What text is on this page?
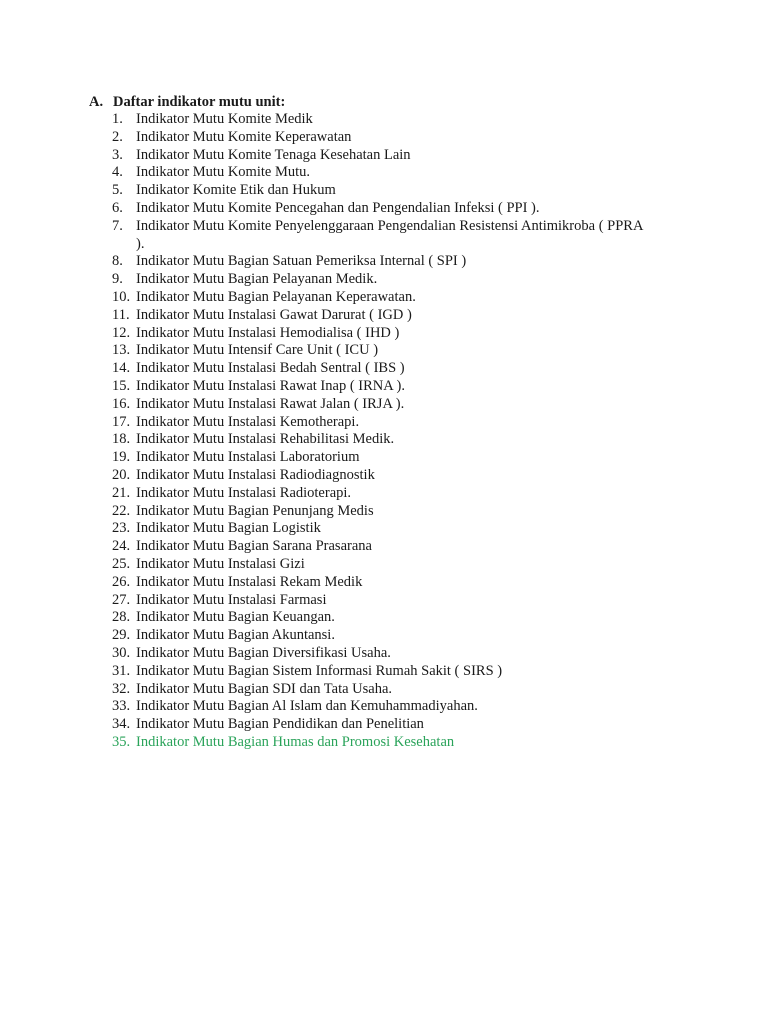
A. Daftar indikator mutu unit:
1. Indikator Mutu Komite Medik
2. Indikator Mutu Komite Keperawatan
3. Indikator Mutu Komite Tenaga Kesehatan Lain
4. Indikator Mutu Komite Mutu.
5. Indikator Komite Etik dan Hukum
6. Indikator Mutu Komite Pencegahan dan Pengendalian Infeksi ( PPI ).
7. Indikator Mutu Komite Penyelenggaraan Pengendalian Resistensi Antimikroba ( PPRA ).
8. Indikator Mutu Bagian Satuan Pemeriksa Internal ( SPI )
9. Indikator Mutu Bagian Pelayanan Medik.
10. Indikator Mutu Bagian Pelayanan Keperawatan.
11. Indikator Mutu Instalasi Gawat Darurat ( IGD )
12. Indikator Mutu Instalasi Hemodialisa ( IHD )
13. Indikator Mutu Intensif Care Unit ( ICU )
14. Indikator Mutu Instalasi Bedah Sentral ( IBS )
15. Indikator Mutu Instalasi Rawat Inap ( IRNA ).
16. Indikator Mutu Instalasi Rawat Jalan ( IRJA ).
17. Indikator Mutu Instalasi Kemotherapi.
18. Indikator Mutu Instalasi Rehabilitasi Medik.
19. Indikator Mutu Instalasi Laboratorium
20. Indikator Mutu Instalasi Radiodiagnostik
21. Indikator Mutu Instalasi Radioterapi.
22. Indikator Mutu Bagian Penunjang Medis
23. Indikator Mutu Bagian Logistik
24. Indikator Mutu Bagian Sarana Prasarana
25. Indikator Mutu Instalasi Gizi
26. Indikator Mutu Instalasi Rekam Medik
27. Indikator Mutu Instalasi Farmasi
28. Indikator Mutu Bagian Keuangan.
29. Indikator Mutu Bagian Akuntansi.
30. Indikator Mutu Bagian Diversifikasi Usaha.
31. Indikator Mutu Bagian Sistem Informasi Rumah Sakit ( SIRS )
32. Indikator Mutu Bagian SDI dan Tata Usaha.
33. Indikator Mutu Bagian Al Islam dan Kemuhammadiyahan.
34. Indikator Mutu Bagian Pendidikan dan Penelitian
35. Indikator Mutu Bagian Humas dan Promosi Kesehatan
